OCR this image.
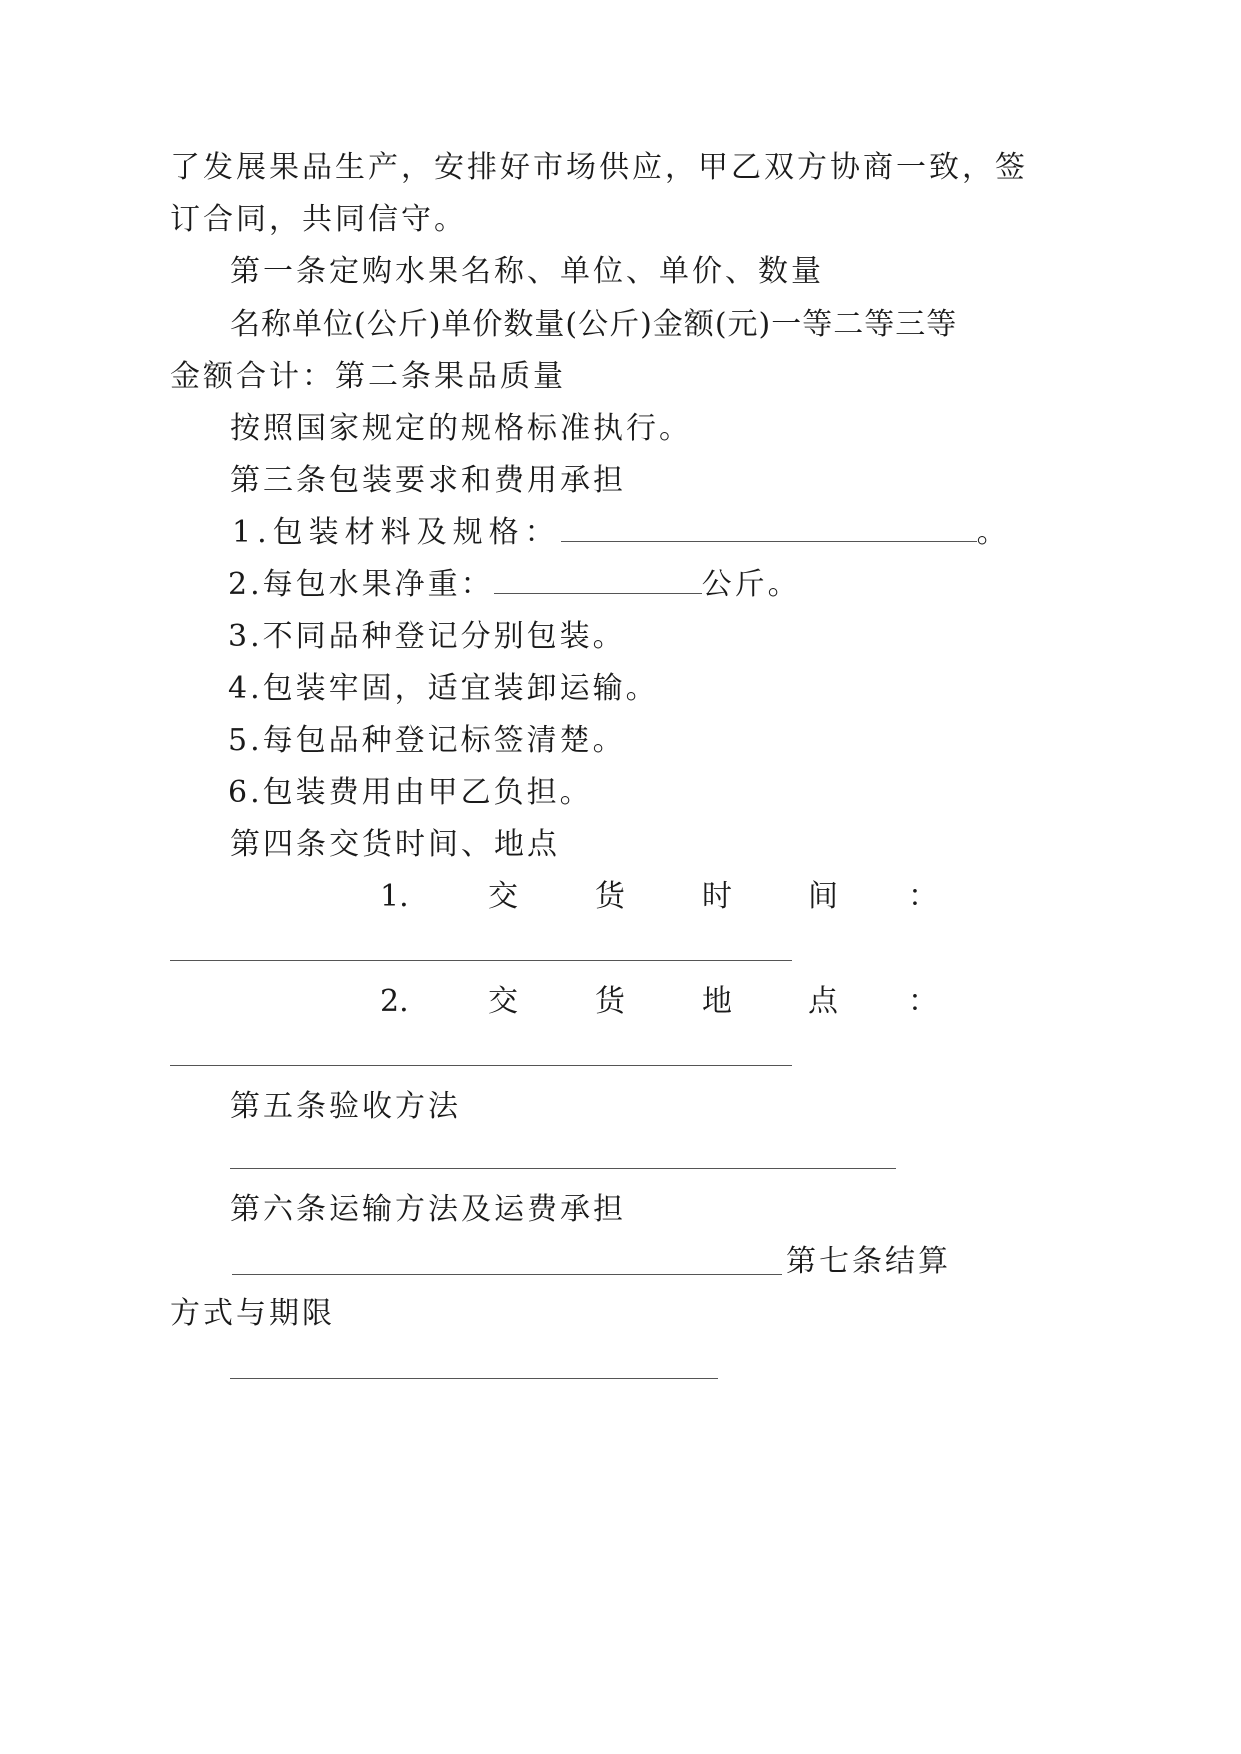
了发展果品生产，安排好市场供应，甲乙双方协商一致，签
订合同，共同信守。
第一条定购水果名称、单位、单价、数量
名称单位(公斤)单价数量(公斤)金额(元)一等二等三等
金额合计：第二条果品质量
按照国家规定的规格标准执行。
第三条包装要求和费用承担
1.包装材料及规格：	。
2.每包水果净重：	公斤。
3.不同品种登记分别包装。
4.包装牢固，适宜装卸运输。
5.每包品种登记标签清楚。
6.包装费用由甲乙负担。
第四条交货时间、地点
1.	交	货	时	间 ：
2.	交	货	地	点 ：
第五条验收方法
第六条运输方法及运费承担
第七条结算
方式与期限
